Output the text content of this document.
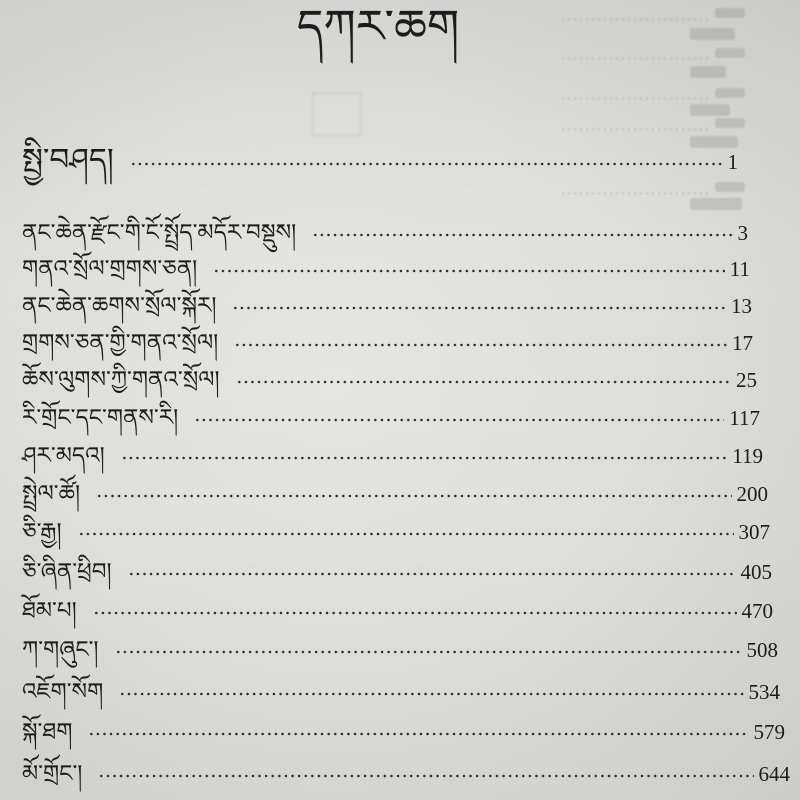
དཀར་ཆག
སྤྱི་བཤད།	1
ནང་ཆེན་རྫོང་གི་ངོ་སྤྲོད་མདོར་བསྡུས།	3
གནའ་སྲོལ་གྲགས་ཅན།	11
ནང་ཆེན་ཆགས་སྲོལ་སྐོར།	13
གྲགས་ཅན་གྱི་གནའ་སྲོལ།	17
ཆོས་ལུགས་ཀྱི་གནའ་སྲོལ།	25
རི་གྲོང་དང་གནས་རི།	117
ཤར་མདའ།	119
སྤྲེལ་ཚོ།	200
ཅི་རྒྱ།	307
ཅི་ཞིན་ཕྲིབ།	405
ཐོམ་པ།	470
ཀ་གཞུང་།	508
འཇོག་སོག	534
སྐོ་ཐག	579
མོ་གྲོང་།	644
